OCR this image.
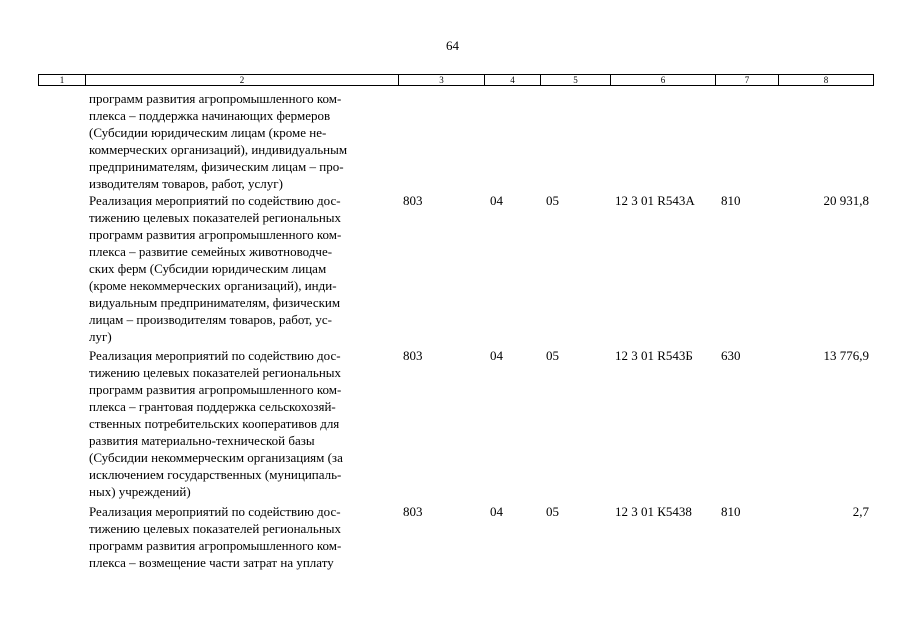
64
1	2	3	4	5	6	7	8
программ развития агропромышленного ком-
плекса – поддержка начинающих фермеров
(Субсидии юридическим лицам (кроме не-
коммерческих организаций), индивидуальным
предпринимателям, физическим лицам – про-
изводителям товаров, работ, услуг)
Реализация мероприятий по содействию дос-
тижению целевых показателей региональных
программ развития агропромышленного ком-
плекса – развитие семейных животноводче-
ских ферм (Субсидии юридическим лицам
(кроме некоммерческих организаций), инди-
видуальным предпринимателям, физическим
лицам – производителям товаров, работ, ус-
луг)
803	04	05	12 3 01 R543А 810	20 931,8
Реализация мероприятий по содействию дос-
тижению целевых показателей региональных
программ развития агропромышленного ком-
плекса – грантовая поддержка сельскохозяй-
ственных потребительских кооперативов для
развития материально-технической базы
(Субсидии некоммерческим организациям (за
исключением государственных (муниципаль-
ных) учреждений)
803	04	05	12 3 01 R543Б 630	13 776,9
Реализация мероприятий по содействию дос-
тижению целевых показателей региональных
программ развития агропромышленного ком-
плекса – возмещение части затрат на уплату
803	04	05	12 3 01 К5438 810	2,7
